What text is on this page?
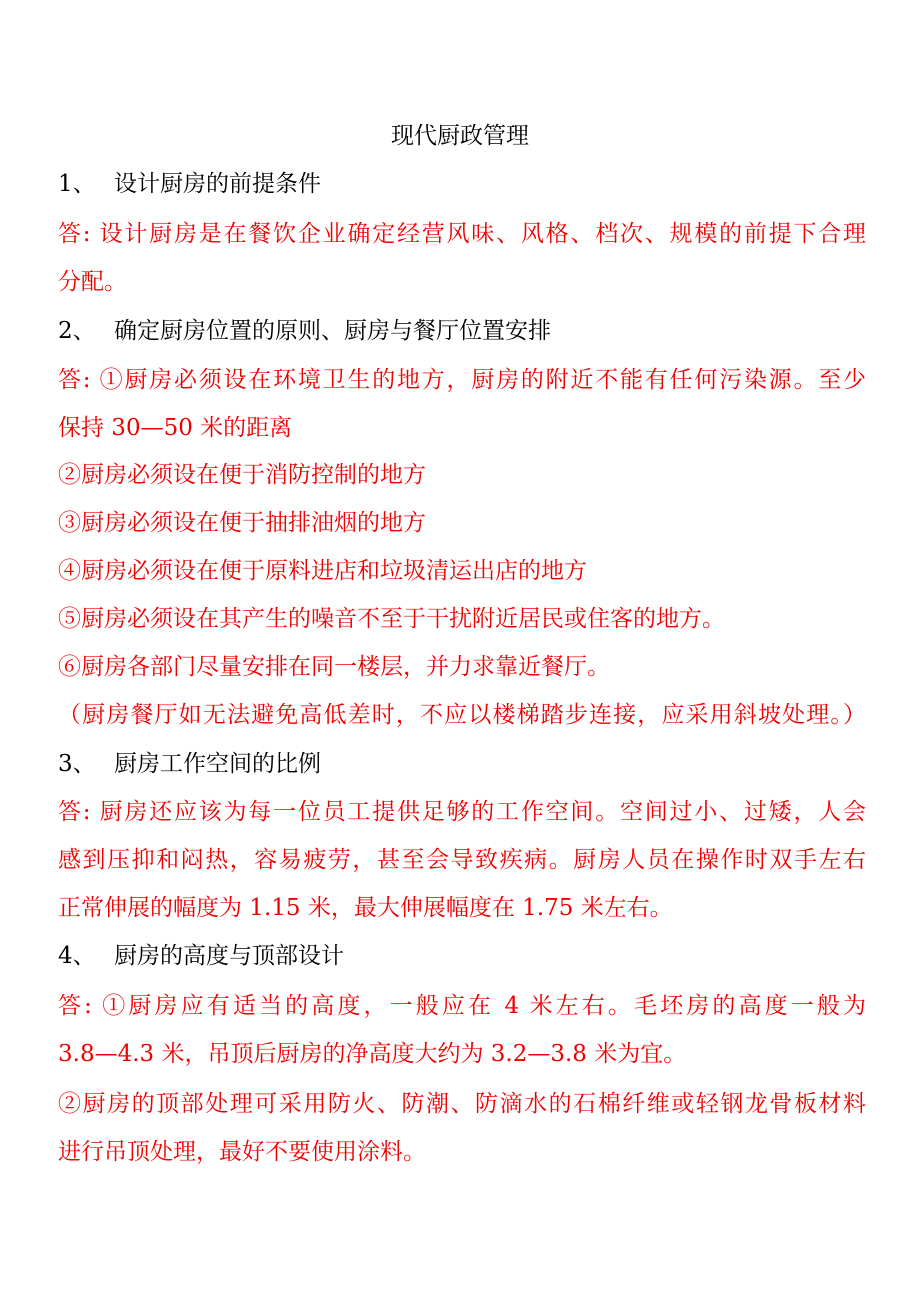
现代厨政管理
1、 设计厨房的前提条件
答: 设计厨房是在餐饮企业确定经营风味、风格、档次、规模的前提下合理
分配。
2、 确定厨房位置的原则、厨房与餐厅位置安排
答: ①厨房必须设在环境卫生的地方，厨房的附近不能有任何污染源。至少
保持 30—50 米的距离
②厨房必须设在便于消防控制的地方
③厨房必须设在便于抽排油烟的地方
④厨房必须设在便于原料进店和垃圾清运出店的地方
⑤厨房必须设在其产生的噪音不至于干扰附近居民或住客的地方。
⑥厨房各部门尽量安排在同一楼层，并力求靠近餐厅。
（厨房餐厅如无法避免高低差时，不应以楼梯踏步连接，应采用斜坡处理。）
3、 厨房工作空间的比例
答: 厨房还应该为每一位员工提供足够的工作空间。空间过小、过矮，人会
感到压抑和闷热，容易疲劳，甚至会导致疾病。厨房人员在操作时双手左右
正常伸展的幅度为 1.15 米，最大伸展幅度在 1.75 米左右。
4、 厨房的高度与顶部设计
答: ①厨房应有适当的高度，一般应在 4 米左右。毛坯房的高度一般为
3.8—4.3 米，吊顶后厨房的净高度大约为 3.2—3.8 米为宜。
②厨房的顶部处理可采用防火、防潮、防滴水的石棉纤维或轻钢龙骨板材料
进行吊顶处理，最好不要使用涂料。
